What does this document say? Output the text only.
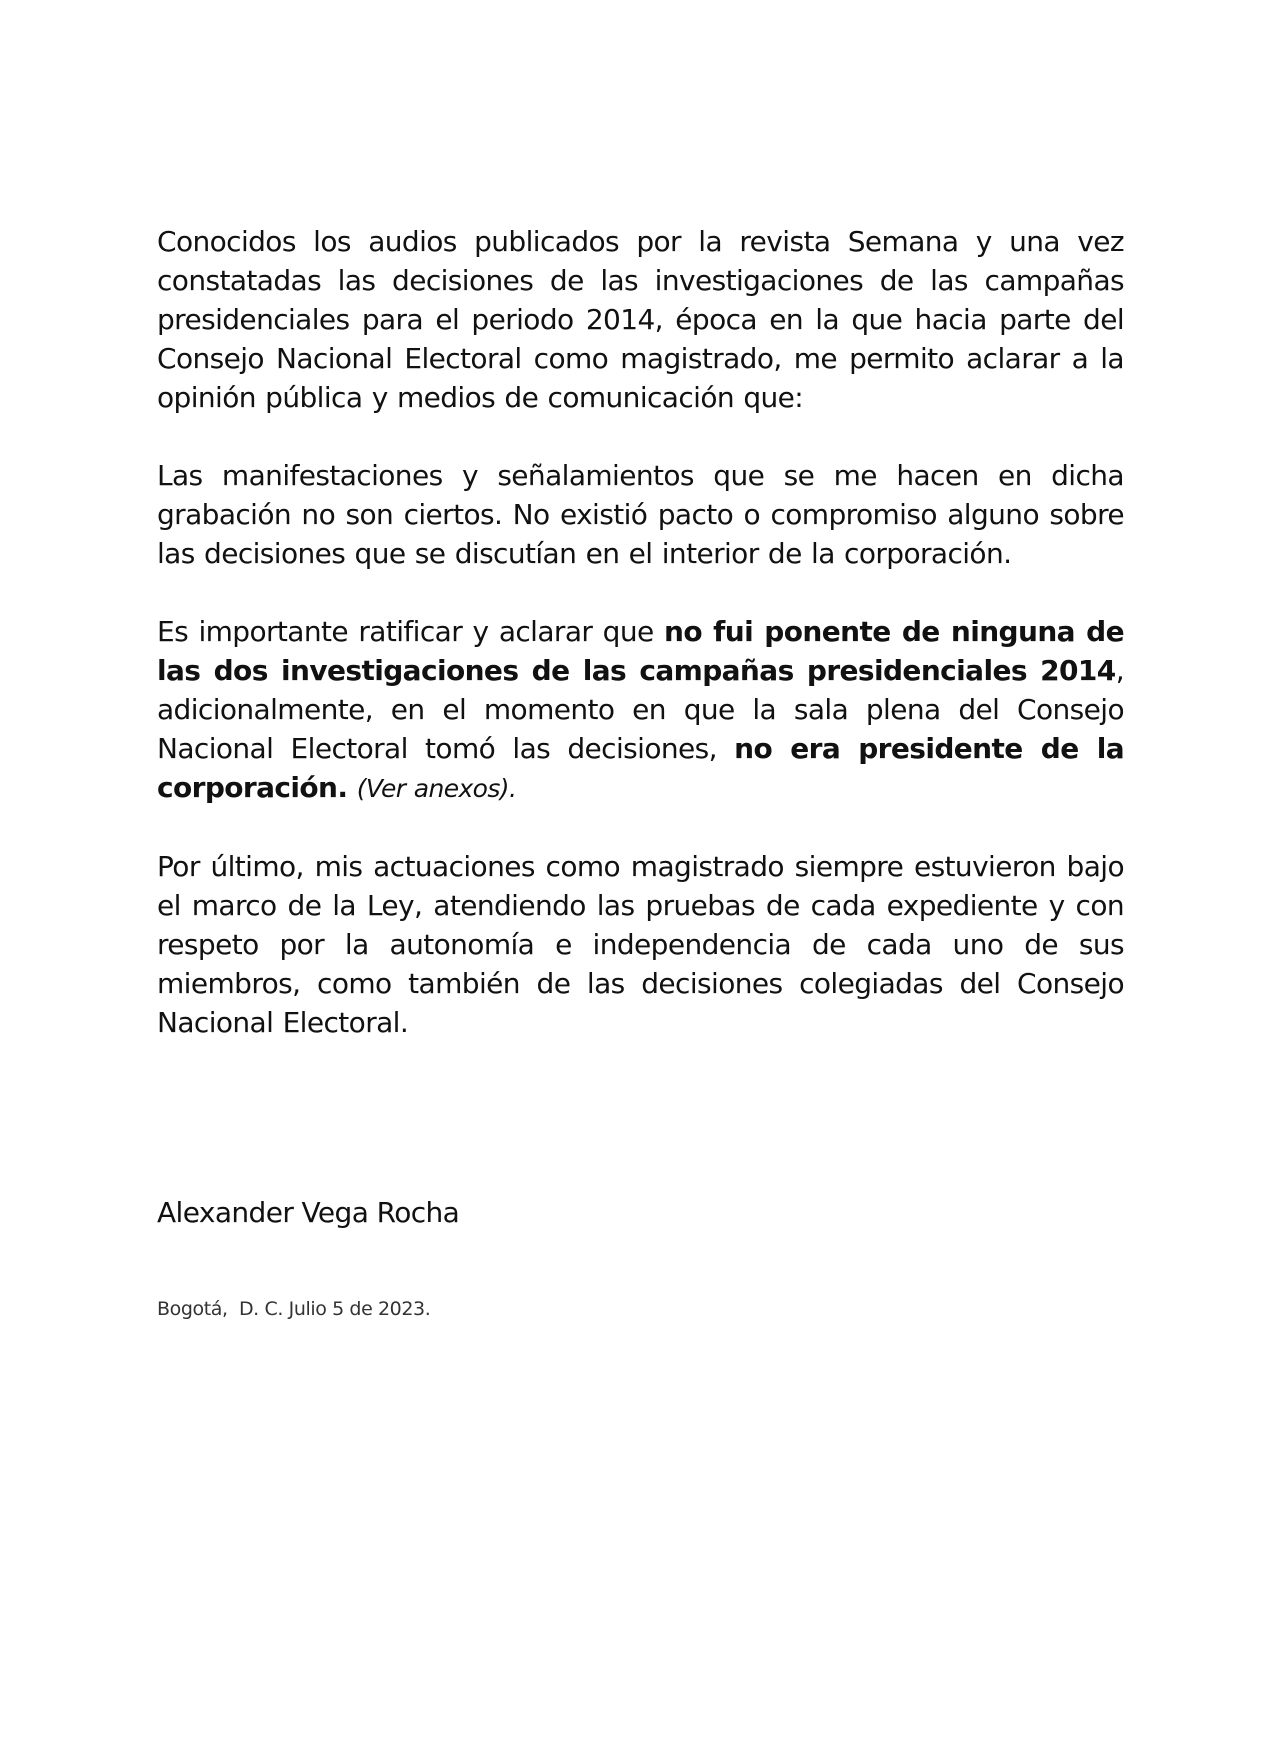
Conocidos los audios publicados por la revista Semana y una vez constatadas las decisiones de las investigaciones de las campañas presidenciales para el periodo 2014, época en la que hacia parte del Consejo Nacional Electoral como magistrado, me permito aclarar a la opinión pública y medios de comunicación que:

Las manifestaciones y señalamientos que se me hacen en dicha grabación no son ciertos. No existió pacto o compromiso alguno sobre las decisiones que se discutían en el interior de la corporación.

Es importante ratificar y aclarar que no fui ponente de ninguna de las dos investigaciones de las campañas presidenciales 2014, adicionalmente, en el momento en que la sala plena del Consejo Nacional Electoral tomó las decisiones, no era presidente de la corporación. (Ver anexos).

Por último, mis actuaciones como magistrado siempre estuvieron bajo el marco de la Ley, atendiendo las pruebas de cada expediente y con respeto por la autonomía e independencia de cada uno de sus miembros, como también de las decisiones colegiadas del Consejo Nacional Electoral.

Alexander Vega Rocha
Bogotá,  D. C. Julio 5 de 2023.
